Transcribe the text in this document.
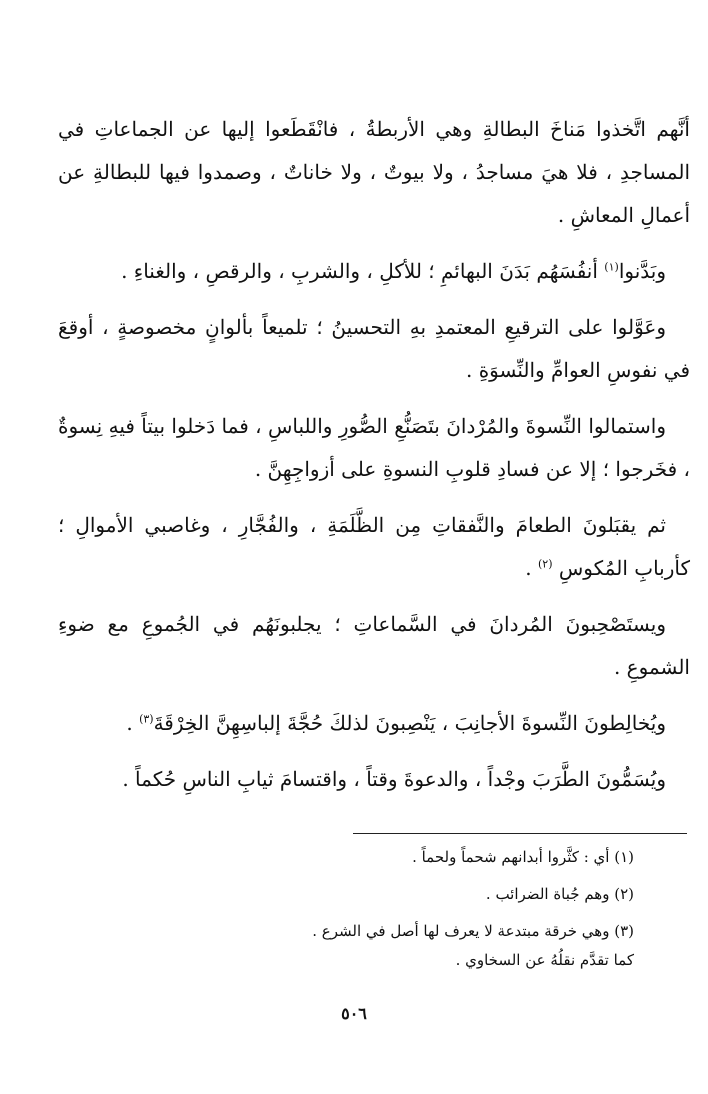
أنَّهم اتَّخذوا مَناخَ البطالةِ وهي الأربطةُ ، فانْقَطَعوا إليها عن الجماعاتِ في المساجدِ ، فلا هيَ مساجدُ ، ولا بيوتٌ ، ولا خاناتٌ ، وصمدوا فيها للبطالةِ عن أعمالِ المعاشِ .

وبَدَّنوا$^{(١)}$ أنفُسَهُم بَدَنَ البهائمِ ؛ للأكلِ ، والشربِ ، والرقصِ ، والغناءِ .

وعَوَّلوا على الترقيعِ المعتمدِ بهِ التحسينُ ؛ تلميعاً بألوانٍ مخصوصةٍ ، أوقعَ في نفوسِ العوامِّ والنِّسوَةِ .

واستمالوا النِّسوةَ والمُرْدانَ بتَصَنُّعِ الصُّورِ واللباسِ ، فما دَخلوا بيتاً فيهِ نِسوةٌ ، فخَرجوا ؛ إلا عن فسادِ قلوبِ النسوةِ على أزواجِهِنَّ .

ثم يقبَلونَ الطعامَ والنَّفقاتِ مِن الظَّلَمَةِ ، والفُجَّارِ ، وغاصبي الأموالِ ؛ كأربابِ المُكوسِ $^{(٢)}$ .

ويستَصْحِبونَ المُردانَ في السَّماعاتِ ؛ يجلبونَهُم في الجُموعِ مع ضوءِ الشموعِ .

ويُخالِطونَ النِّسوةَ الأجانِبَ ، يَنْصِبونَ لذلكَ حُجَّةَ إلباسِهِنَّ الخِرْقَةَ$^{(٣)}$ .

ويُسَمُّونَ الطَّرَبَ وجْداً ، والدعوةَ وقتاً ، واقتسامَ ثيابِ الناسِ حُكماً .

(١) أي : كثَّروا أبدانهم شحماً ولحماً .

(٢) وهم جُباة الضرائب .

(٣) وهي خرقة مبتدعة لا يعرف لها أصل في الشرع .

كما تقدَّم نقلُهُ عن السخاوي .

٥٠٦
